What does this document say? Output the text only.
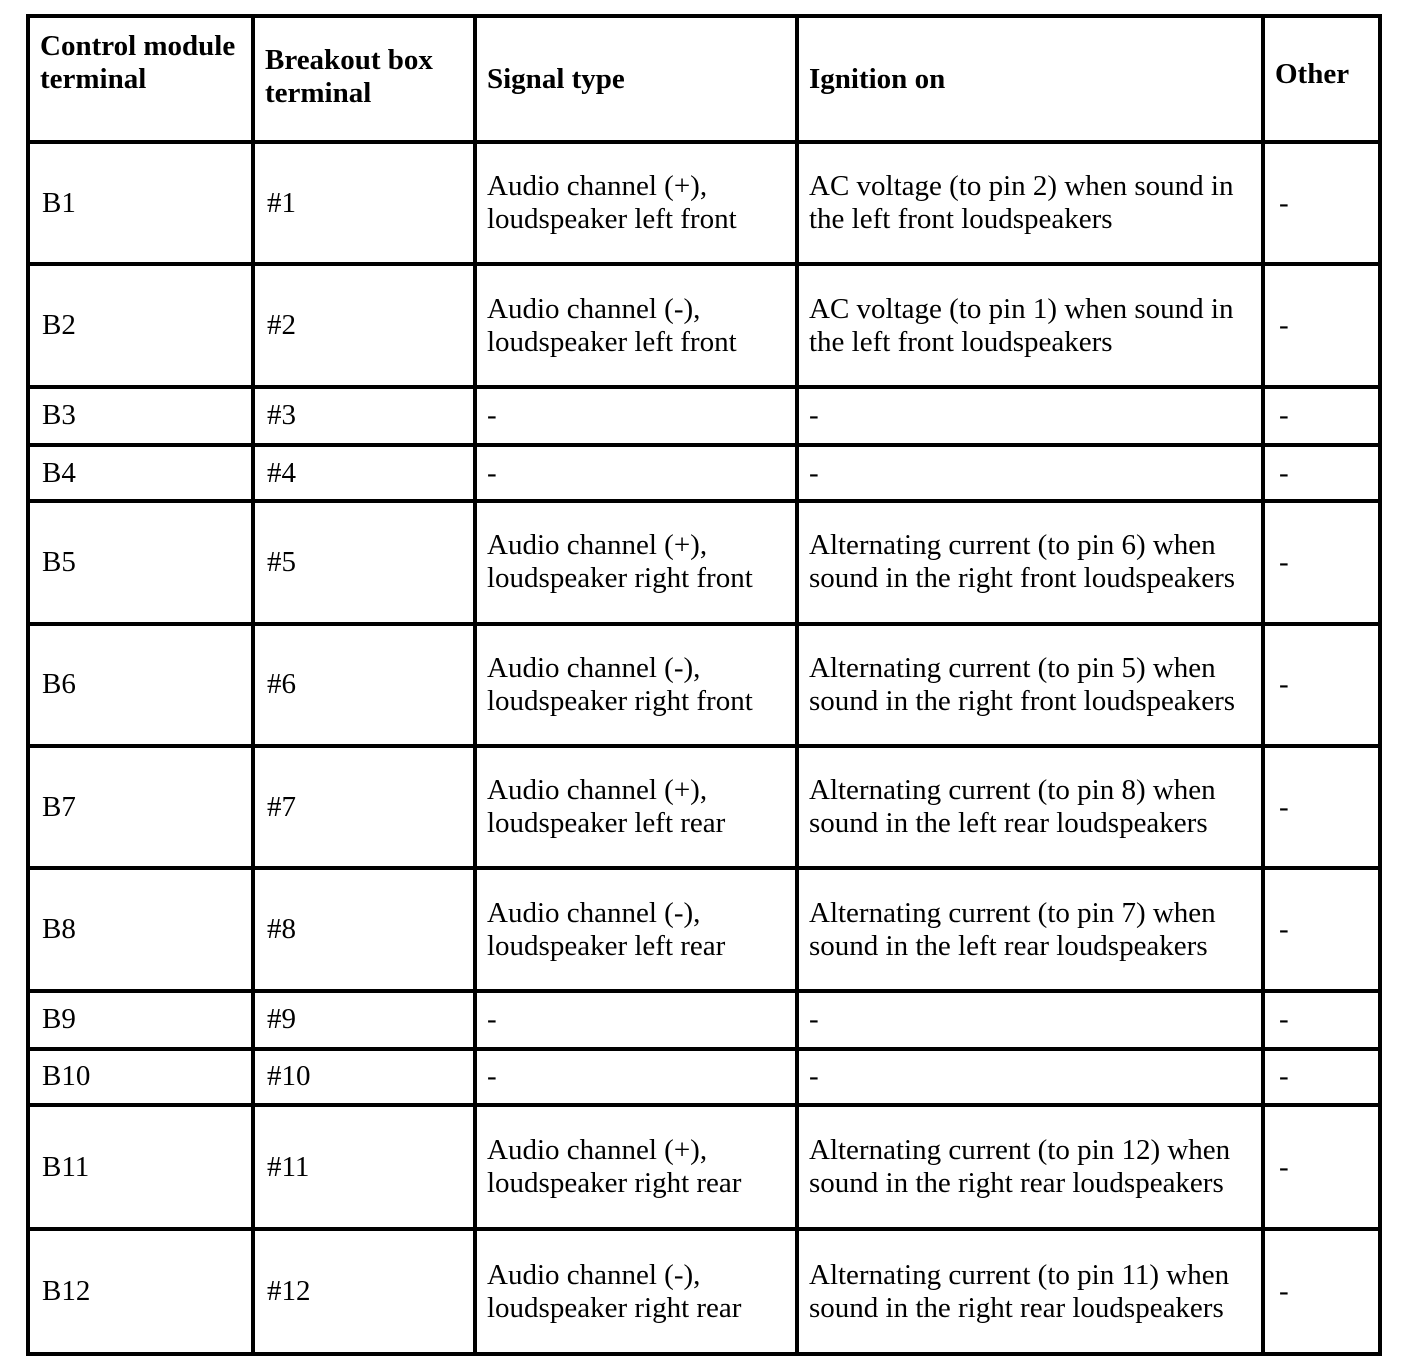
Control module terminal	Breakout box terminal	Signal type	Ignition on	Other
B1	#1	Audio channel (+), loudspeaker left front	AC voltage (to pin 2) when sound in the left front loudspeakers	-
B2	#2	Audio channel (-), loudspeaker left front	AC voltage (to pin 1) when sound in the left front loudspeakers	-
B3	#3	-	-	-
B4	#4	-	-	-
B5	#5	Audio channel (+), loudspeaker right front	Alternating current (to pin 6) when sound in the right front loudspeakers	-
B6	#6	Audio channel (-), loudspeaker right front	Alternating current (to pin 5) when sound in the right front loudspeakers	-
B7	#7	Audio channel (+), loudspeaker left rear	Alternating current (to pin 8) when sound in the left rear loudspeakers	-
B8	#8	Audio channel (-), loudspeaker left rear	Alternating current (to pin 7) when sound in the left rear loudspeakers	-
B9	#9	-	-	-
B10	#10	-	-	-
B11	#11	Audio channel (+), loudspeaker right rear	Alternating current (to pin 12) when sound in the right rear loudspeakers	-
B12	#12	Audio channel (-), loudspeaker right rear	Alternating current (to pin 11) when sound in the right rear loudspeakers	-
